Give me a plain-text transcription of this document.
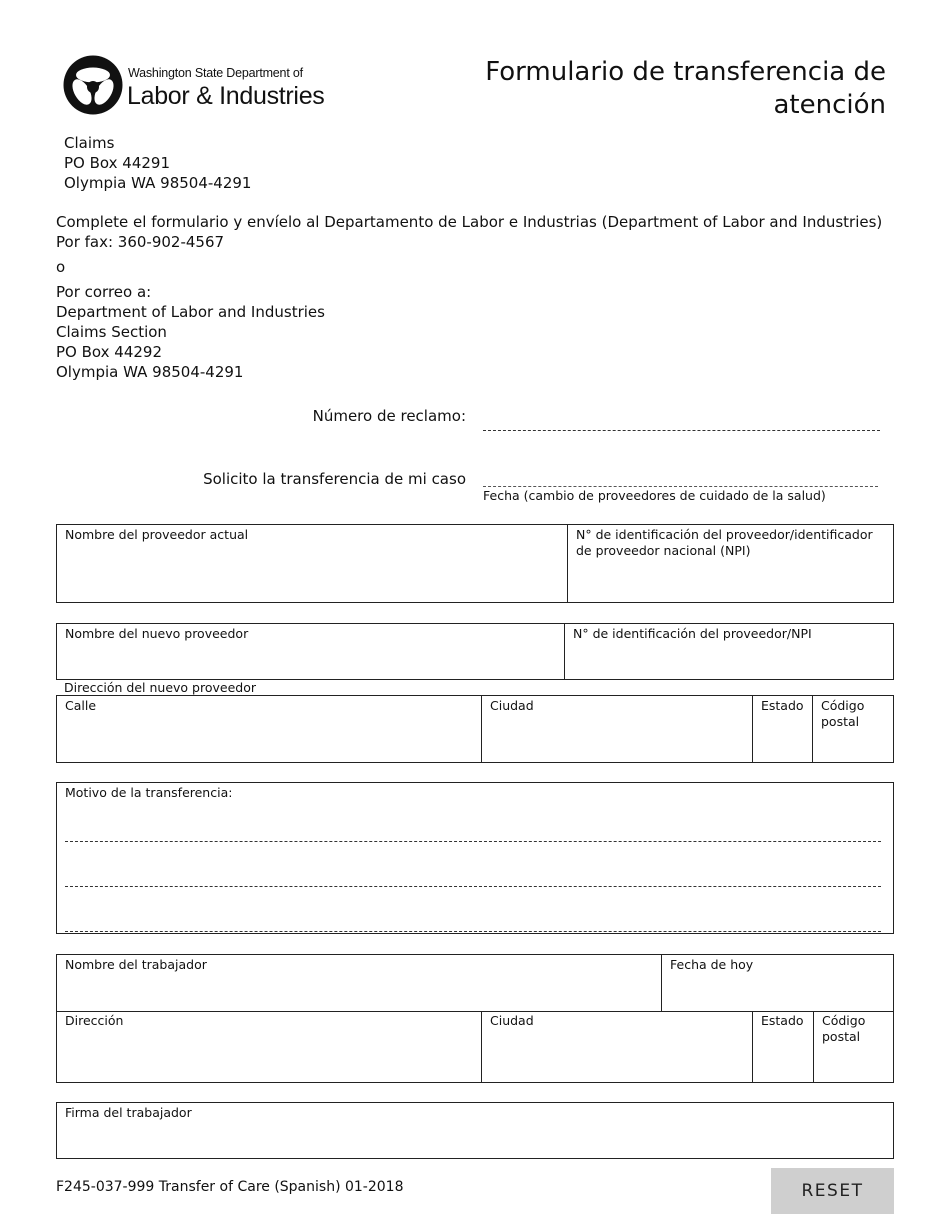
Washington State Department of
Labor & Industries
Formulario de transferencia de atención
Claims
PO Box 44291
Olympia WA 98504-4291
Complete el formulario y envíelo al Departamento de Labor e Industrias (Department of Labor and Industries)
Por fax: 360-902-4567
o
Por correo a:
Department of Labor and Industries
Claims Section
PO Box 44292
Olympia WA 98504-4291
Número de reclamo:
Solicito la transferencia de mi caso
Fecha (cambio de proveedores de cuidado de la salud)
Nombre del proveedor actual	N° de identificación del proveedor/identificador de proveedor nacional (NPI)
Nombre del nuevo proveedor	N° de identificación del proveedor/NPI
Dirección del nuevo proveedor
Calle	Ciudad	Estado	Código postal
Motivo de la transferencia:
Nombre del trabajador	Fecha de hoy
Dirección	Ciudad	Estado	Código postal
Firma del trabajador
F245-037-999 Transfer of Care (Spanish) 01-2018	RESET
